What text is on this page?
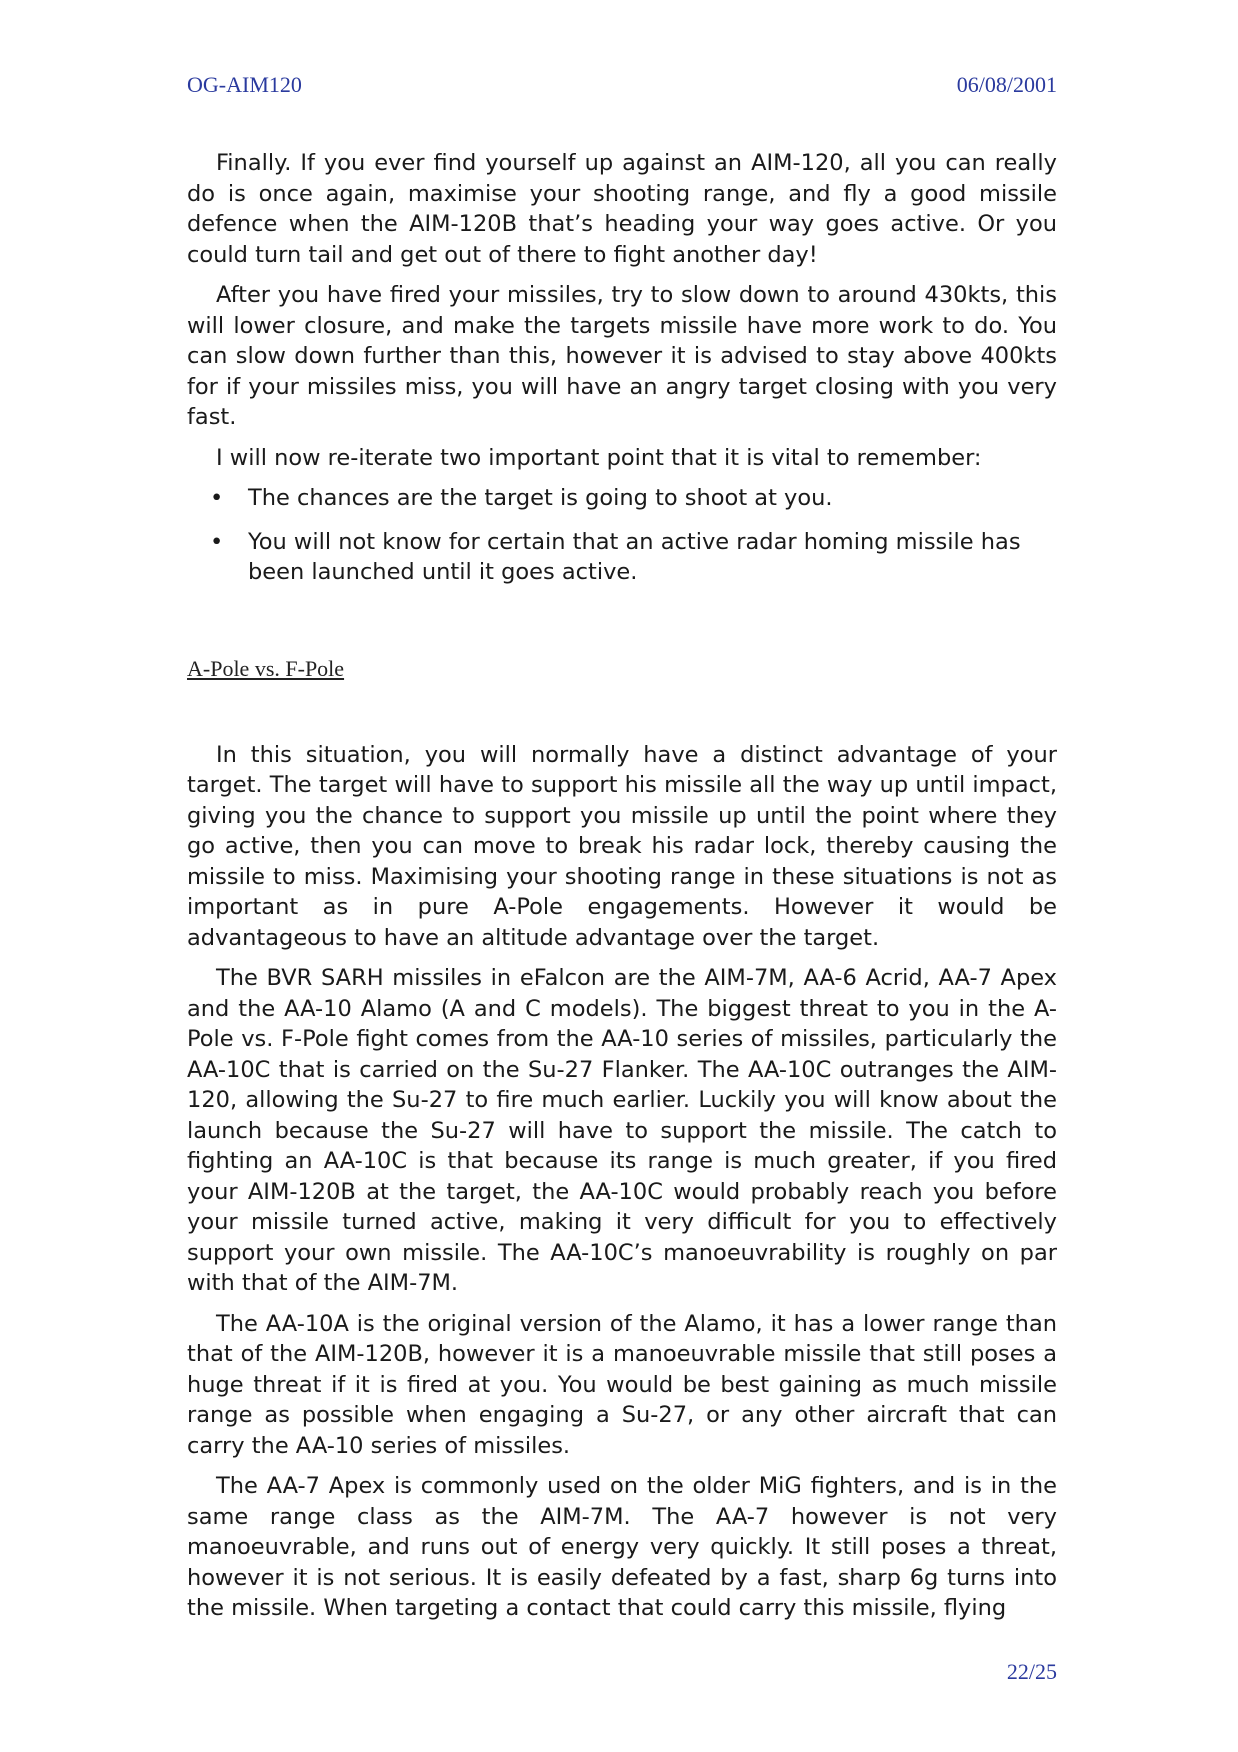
OG-AIM120	06/08/2001

Finally. If you ever find yourself up against an AIM-120, all you can really do is once again, maximise your shooting range, and fly a good missile defence when the AIM-120B that’s heading your way goes active. Or you could turn tail and get out of there to fight another day!

After you have fired your missiles, try to slow down to around 430kts, this will lower closure, and make the targets missile have more work to do. You can slow down further than this, however it is advised to stay above 400kts for if your missiles miss, you will have an angry target closing with you very fast.

I will now re-iterate two important point that it is vital to remember:

• The chances are the target is going to shoot at you.
• You will not know for certain that an active radar homing missile has been launched until it goes active.
A-Pole vs. F-Pole

In this situation, you will normally have a distinct advantage of your target. The target will have to support his missile all the way up until impact, giving you the chance to support you missile up until the point where they go active, then you can move to break his radar lock, thereby causing the missile to miss. Maximising your shooting range in these situations is not as important as in pure A-Pole engagements. However it would be advantageous to have an altitude advantage over the target.

The BVR SARH missiles in eFalcon are the AIM-7M, AA-6 Acrid, AA-7 Apex and the AA-10 Alamo (A and C models). The biggest threat to you in the A-Pole vs. F-Pole fight comes from the AA-10 series of missiles, particularly the AA-10C that is carried on the Su-27 Flanker. The AA-10C outranges the AIM-120, allowing the Su-27 to fire much earlier. Luckily you will know about the launch because the Su-27 will have to support the missile. The catch to fighting an AA-10C is that because its range is much greater, if you fired your AIM-120B at the target, the AA-10C would probably reach you before your missile turned active, making it very difficult for you to effectively support your own missile. The AA-10C’s manoeuvrability is roughly on par with that of the AIM-7M.

The AA-10A is the original version of the Alamo, it has a lower range than that of the AIM-120B, however it is a manoeuvrable missile that still poses a huge threat if it is fired at you. You would be best gaining as much missile range as possible when engaging a Su-27, or any other aircraft that can carry the AA-10 series of missiles.

The AA-7 Apex is commonly used on the older MiG fighters, and is in the same range class as the AIM-7M. The AA-7 however is not very manoeuvrable, and runs out of energy very quickly. It still poses a threat, however it is not serious. It is easily defeated by a fast, sharp 6g turns into the missile. When targeting a contact that could carry this missile, flying

22/25
